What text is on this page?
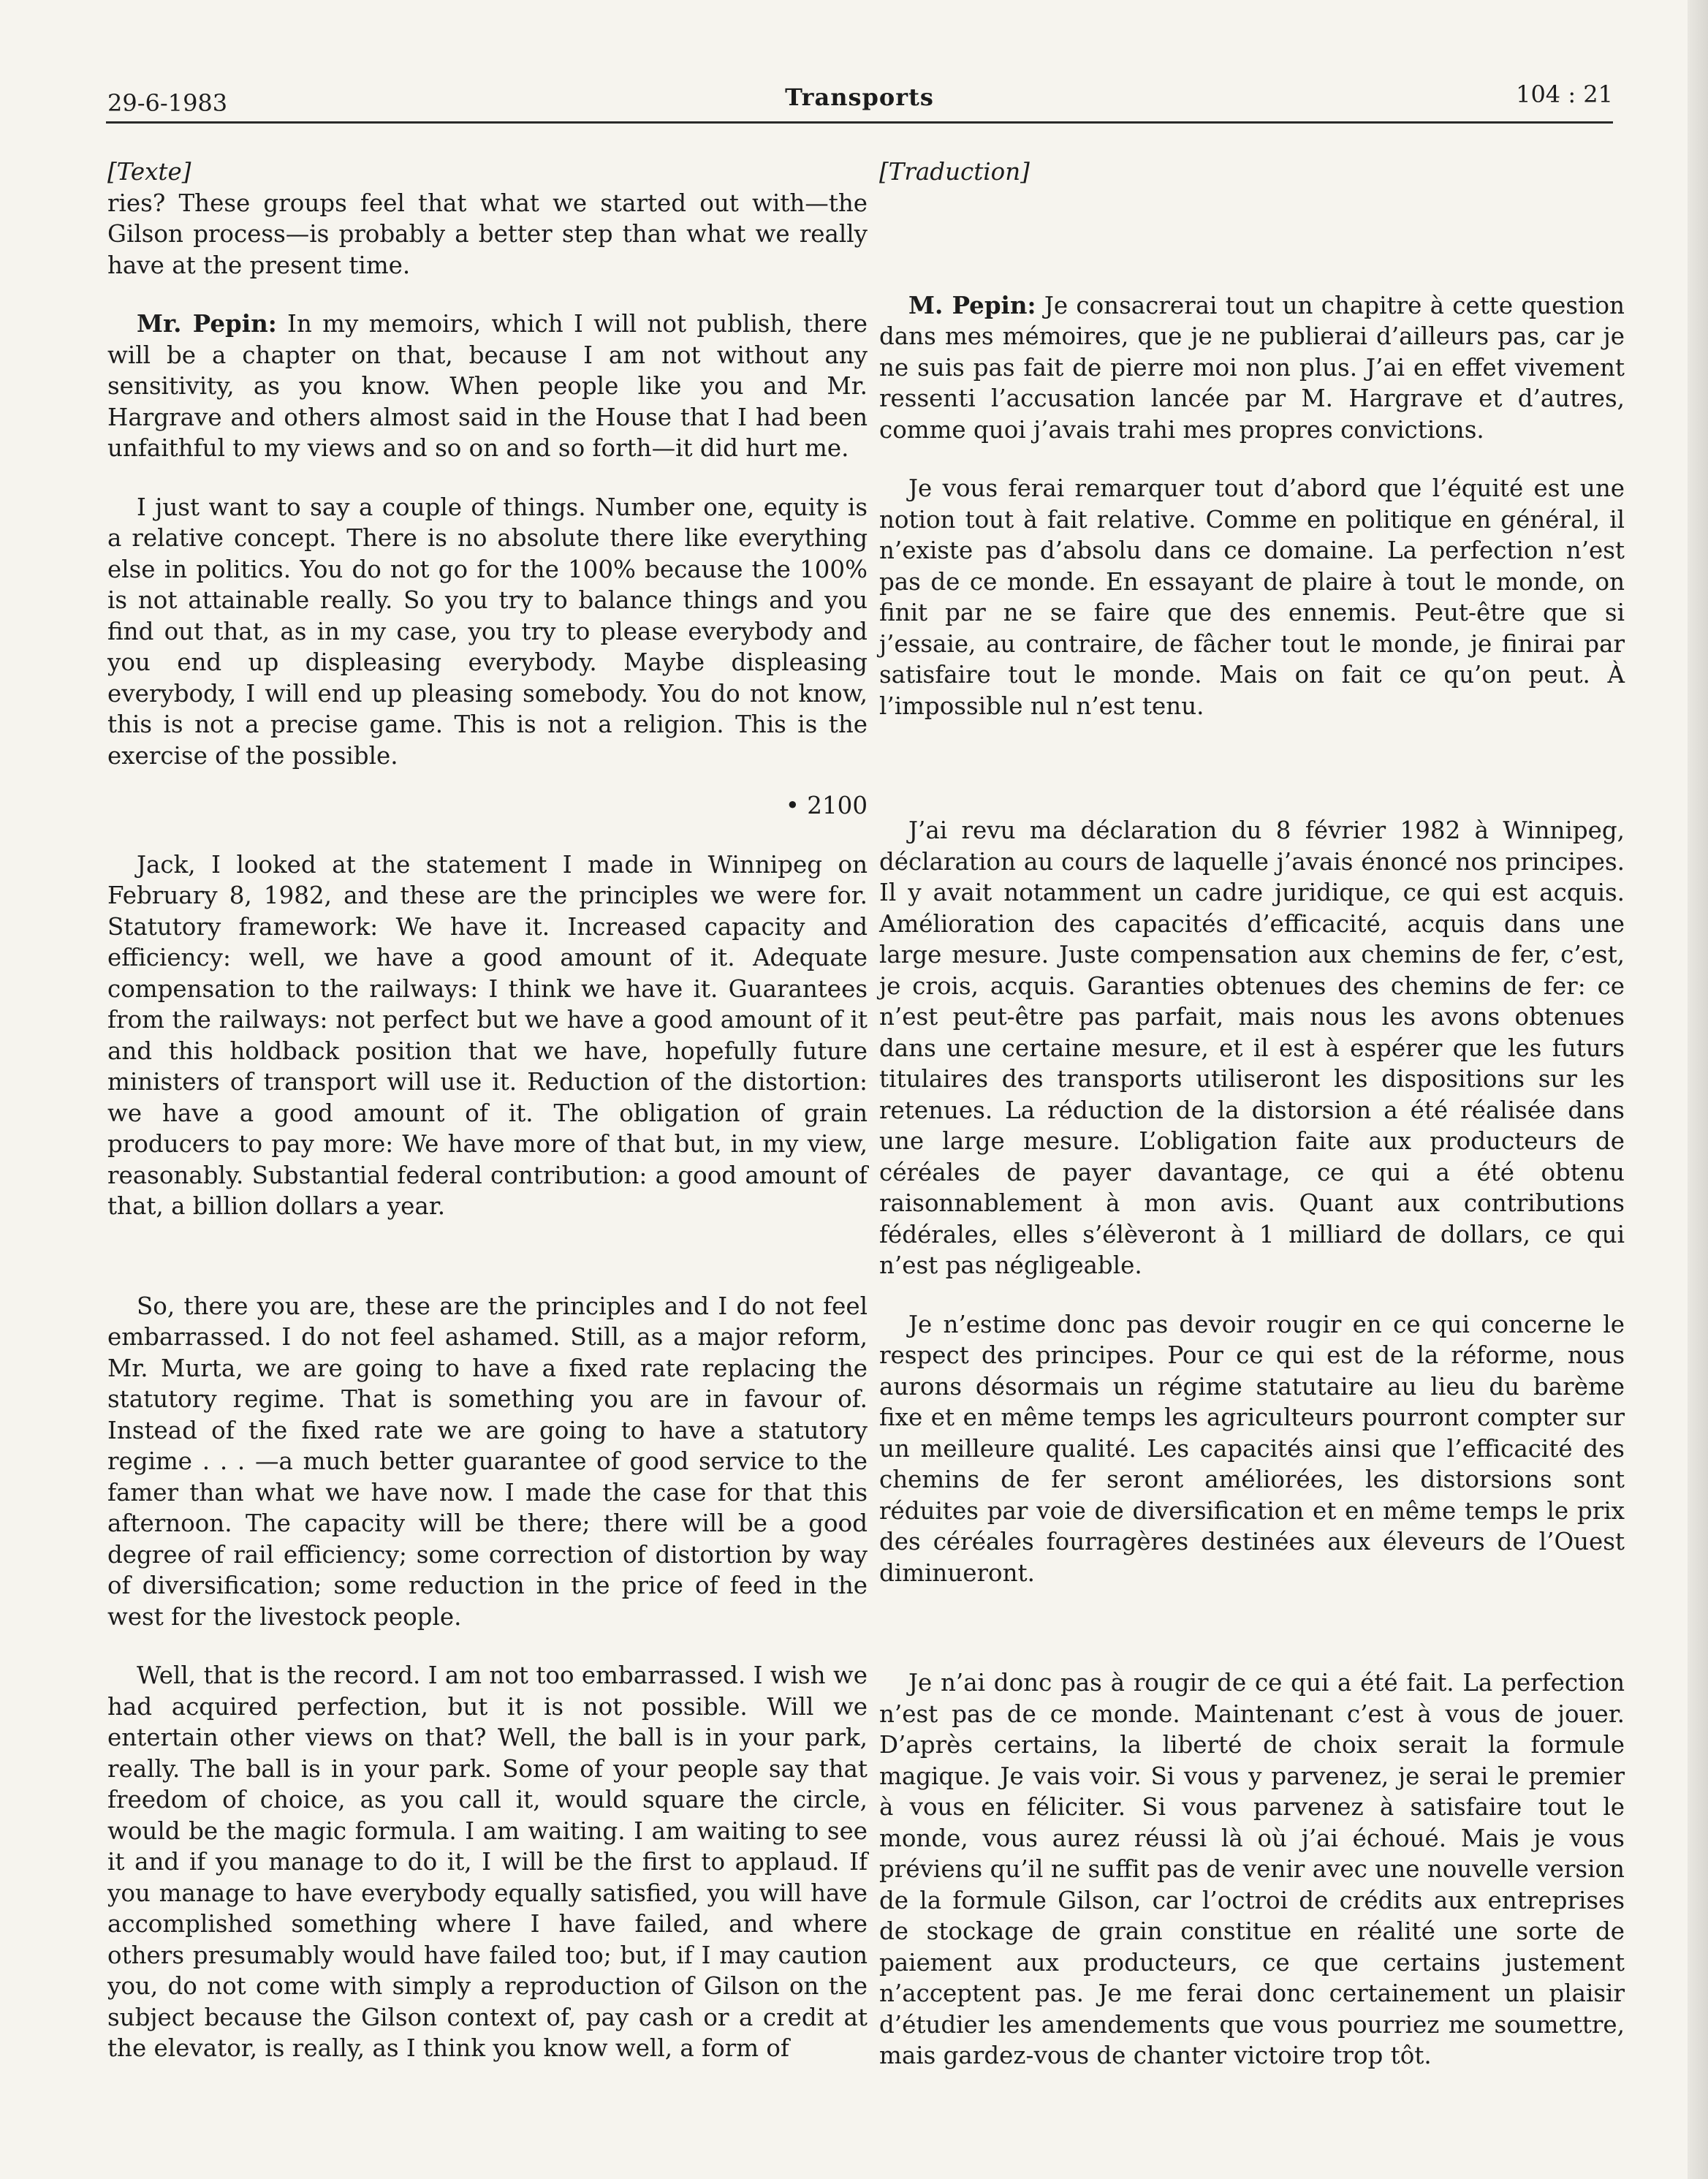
29-6-1983	Transports	104 : 21

[Texte]

ries? These groups feel that what we started out with—the Gilson process—is probably a better step than what we really have at the present time.

Mr. Pepin: In my memoirs, which I will not publish, there will be a chapter on that, because I am not without any sensitivity, as you know. When people like you and Mr. Hargrave and others almost said in the House that I had been unfaithful to my views and so on and so forth—it did hurt me.

I just want to say a couple of things. Number one, equity is a relative concept. There is no absolute there like everything else in politics. You do not go for the 100% because the 100% is not attainable really. So you try to balance things and you find out that, as in my case, you try to please everybody and you end up displeasing everybody. Maybe displeasing everybody, I will end up pleasing somebody. You do not know, this is not a precise game. This is not a religion. This is the exercise of the possible.

• 2100

Jack, I looked at the statement I made in Winnipeg on February 8, 1982, and these are the principles we were for. Statutory framework: We have it. Increased capacity and efficiency: well, we have a good amount of it. Adequate compensation to the railways: I think we have it. Guarantees from the railways: not perfect but we have a good amount of it and this holdback position that we have, hopefully future ministers of transport will use it. Reduction of the distortion: we have a good amount of it. The obligation of grain producers to pay more: We have more of that but, in my view, reasonably. Substantial federal contribution: a good amount of that, a billion dollars a year.

So, there you are, these are the principles and I do not feel embarrassed. I do not feel ashamed. Still, as a major reform, Mr. Murta, we are going to have a fixed rate replacing the statutory regime. That is something you are in favour of. Instead of the fixed rate we are going to have a statutory regime . . . —a much better guarantee of good service to the famer than what we have now. I made the case for that this afternoon. The capacity will be there; there will be a good degree of rail efficiency; some correction of distortion by way of diversification; some reduction in the price of feed in the west for the livestock people.

Well, that is the record. I am not too embarrassed. I wish we had acquired perfection, but it is not possible. Will we entertain other views on that? Well, the ball is in your park, really. The ball is in your park. Some of your people say that freedom of choice, as you call it, would square the circle, would be the magic formula. I am waiting. I am waiting to see it and if you manage to do it, I will be the first to applaud. If you manage to have everybody equally satisfied, you will have accomplished something where I have failed, and where others presumably would have failed too; but, if I may caution you, do not come with simply a reproduction of Gilson on the subject because the Gilson context of, pay cash or a credit at the elevator, is really, as I think you know well, a form of

[Traduction]

M. Pepin: Je consacrerai tout un chapitre à cette question dans mes mémoires, que je ne publierai d’ailleurs pas, car je ne suis pas fait de pierre moi non plus. J’ai en effet vivement ressenti l’accusation lancée par M. Hargrave et d’autres, comme quoi j’avais trahi mes propres convictions.

Je vous ferai remarquer tout d’abord que l’équité est une notion tout à fait relative. Comme en politique en général, il n’existe pas d’absolu dans ce domaine. La perfection n’est pas de ce monde. En essayant de plaire à tout le monde, on finit par ne se faire que des ennemis. Peut-être que si j’essaie, au contraire, de fâcher tout le monde, je finirai par satisfaire tout le monde. Mais on fait ce qu’on peut. À l’impossible nul n’est tenu.

J’ai revu ma déclaration du 8 février 1982 à Winnipeg, déclaration au cours de laquelle j’avais énoncé nos principes. Il y avait notamment un cadre juridique, ce qui est acquis. Amélioration des capacités d’efficacité, acquis dans une large mesure. Juste compensation aux chemins de fer, c’est, je crois, acquis. Garanties obtenues des chemins de fer: ce n’est peut-être pas parfait, mais nous les avons obtenues dans une certaine mesure, et il est à espérer que les futurs titulaires des transports utiliseront les dispositions sur les retenues. La réduction de la distorsion a été réalisée dans une large mesure. L’obligation faite aux producteurs de céréales de payer davantage, ce qui a été obtenu raisonnablement à mon avis. Quant aux contributions fédérales, elles s’élèveront à 1 milliard de dollars, ce qui n’est pas négligeable.

Je n’estime donc pas devoir rougir en ce qui concerne le respect des principes. Pour ce qui est de la réforme, nous aurons désormais un régime statutaire au lieu du barème fixe et en même temps les agriculteurs pourront compter sur un meilleure qualité. Les capacités ainsi que l’efficacité des chemins de fer seront améliorées, les distorsions sont réduites par voie de diversification et en même temps le prix des céréales fourragères destinées aux éleveurs de l’Ouest diminueront.

Je n’ai donc pas à rougir de ce qui a été fait. La perfection n’est pas de ce monde. Maintenant c’est à vous de jouer. D’après certains, la liberté de choix serait la formule magique. Je vais voir. Si vous y parvenez, je serai le premier à vous en féliciter. Si vous parvenez à satisfaire tout le monde, vous aurez réussi là où j’ai échoué. Mais je vous préviens qu’il ne suffit pas de venir avec une nouvelle version de la formule Gilson, car l’octroi de crédits aux entreprises de stockage de grain constitue en réalité une sorte de paiement aux producteurs, ce que certains justement n’acceptent pas. Je me ferai donc certainement un plaisir d’étudier les amendements que vous pourriez me soumettre, mais gardez-vous de chanter victoire trop tôt.
